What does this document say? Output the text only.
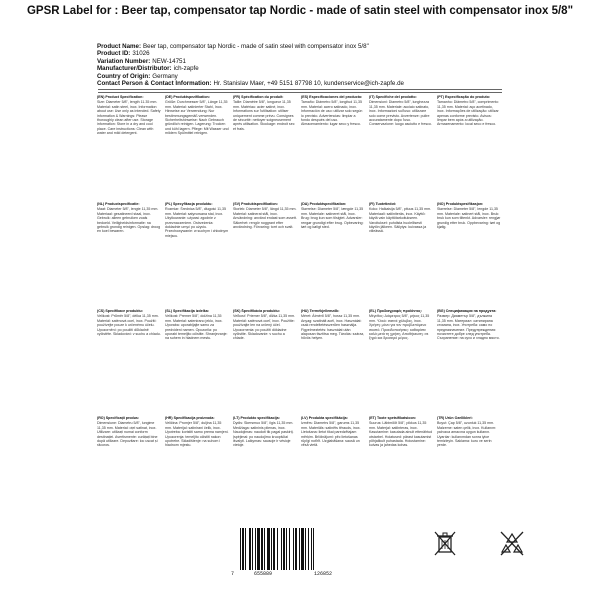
GPSR Label for : Beer tap, compensator tap Nordic - made of satin steel with compensator inox 5/8"
Product Name: Beer tap, compensator tap Nordic - made of satin steel with compensator inox 5/8"
Product ID: 31026
Variation Number: NEW-14751
Manufacturer/Distributor: ich-zapfe
Country of Origin: Germany
Contact Person & Contact Information: Hr. Stanislav Maer, +49 5151 87798 10, kundenservice@ich-zapfe.de
(EN) Product Specification:
Size: Diameter 5/8", length 11.35 mm. Material: satin steel, inox. Information about use: Use only as intended. Safety information & Warnings: Please thoroughly clean after use. Storage information: Store in a dry and cool place. Care instructions: Clean with water and mild detergent.
(DE) Produktspezifikation:
Größe: Durchmesser 5/8", Länge 11,35 mm. Material: satinierter Stahl, Inox. Hinweise zur Verwendung: Nur bestimmungsgemäß verwenden. Sicherheitshinweise: Nach Gebrauch gründlich reinigen. Lagerung: Trocken und kühl lagern. Pflege: Mit Wasser und mildem Spülmittel reinigen.
(FR) Spécification du produit:
Taille: Diamètre 5/8", longueur 11,35 mm. Matériau: acier satiné, inox. Informations sur l'utilisation: utiliser uniquement comme prévu. Consignes de sécurité: nettoyer soigneusement après utilisation. Stockage: endroit sec et frais.
(ES) Especificaciones del producto:
Tamaño: Diámetro 5/8", longitud 11,35 mm. Material: acero satinado, inox. Información de uso: utilizar solo según lo previsto. Advertencias: limpiar a fondo después del uso. Almacenamiento: lugar seco y fresco.
(IT) Specifiche del prodotto:
Dimensioni: Diametro 5/8", lunghezza 11,35 mm. Materiale: acciaio satinato, inox. Informazioni sull'uso: utilizzare solo come previsto. Avvertenze: pulire accuratamente dopo l'uso. Conservazione: luogo asciutto e fresco.
(PT) Especificação do produto:
Tamanho: Diâmetro 5/8", comprimento 11,35 mm. Material: aço acetinado, inox. Informações de utilização: utilizar apenas conforme previsto. Avisos: limpar bem após a utilização. Armazenamento: local seco e fresco.
(NL) Productspecificatie:
Maat: Diameter 5/8", lengte 11,35 mm. Materiaal: gesatineerd staal, inox. Gebruik: alleen gebruiken zoals bedoeld. Veiligheidsinformatie: na gebruik grondig reinigen. Opslag: droog en koel bewaren.
(PL) Specyfikacja produktu:
Rozmiar: Średnica 5/8", długość 11,35 mm. Materiał: satynowana stal, inox. Użytkowanie: używać zgodnie z przeznaczeniem. Ostrzeżenia: dokładnie umyć po użyciu. Przechowywanie: w suchym i chłodnym miejscu.
(SV) Produktspecifikation:
Storlek: Diameter 5/8", längd 11,35 mm. Material: satinerat stål, inox. Användning: använd endast som avsett. Säkerhet: rengör noggrant efter användning. Förvaring: torrt och svalt.
(DA) Produktspecifikation:
Størrelse: Diameter 5/8", længde 11,35 mm. Materiale: satineret stål, inox. Brug: brug kun som tilsigtet. Advarsler: rengør grundigt efter brug. Opbevaring: tørt og køligt sted.
(FI) Tuotetiedot:
Koko: Halkaisija 5/8", pituus 11,35 mm. Materiaali: satiiniteräs, inox. Käyttö: käytä vain käyttötarkoitukseen. Varoitukset: puhdista huolellisesti käytön jälkeen. Säilytys: kuivassa ja viileässä.
(NO) Produktspesifikasjon:
Størrelse: Diameter 5/8", lengde 11,35 mm. Materiale: satinert stål, inox. Bruk: bruk kun som tiltenkt. Advarsler: rengjør grundig etter bruk. Oppbevaring: tørt og kjølig.
(CS) Specifikace produktu:
Velikost: Průměr 5/8", délka 11,35 mm. Materiál: saténová ocel, inox. Použití: používejte pouze k určenému účelu. Upozornění: po použití důkladně vyčistěte. Skladování: v suchu a chladu.
(SL) Specifikacija izdelka:
Velikost: Premer 5/8", dolžina 11,35 mm. Material: satenirano jeklo, inox. Uporaba: uporabljajte samo za predvideni namen. Opozorila: po uporabi temeljito očistite. Shranjevanje: na suhem in hladnem mestu.
(SK) Špecifikácia produktu:
Veľkosť: Priemer 5/8", dĺžka 11,35 mm. Materiál: saténová oceľ, inox. Použitie: používajte len na určený účel. Upozornenia: po použití dôkladne vyčistite. Skladovanie: v suchu a chlade.
(HU) Termékjellemzők:
Méret: Átmérő 5/8", hossz 11,35 mm. Anyag: szatinált acél, inox. Használat: csak rendeltetésszerűen használja. Figyelmeztetés: használat után alaposan tisztítsa meg. Tárolás: száraz, hűvös helyen.
(EL) Προδιαγραφές προϊόντος:
Μέγεθος: Διάμετρος 5/8", μήκος 11,35 mm. Υλικό: σατινέ χάλυβας, inox. Χρήση: μόνο για τον προβλεπόμενο σκοπό. Προειδοποιήσεις: καθαρίστε καλά μετά τη χρήση. Αποθήκευση: σε ξηρό και δροσερό μέρος.
(BG) Спецификация на продукта:
Размер: Диаметър 5/8", дължина 11,35 mm. Материал: сатинирана стомана, inox. Употреба: само по предназначение. Предупреждения: почистете добре след употреба. Съхранение: на сухо и хладно място.
(RO) Specificații produs:
Dimensiune: Diametru 5/8", lungime 11,35 mm. Material: oțel satinat, inox. Utilizare: utilizați numai conform destinației. Avertismente: curățați bine după utilizare. Depozitare: loc uscat și răcoros.
(HR) Specifikacija proizvoda:
Veličina: Promjer 5/8", duljina 11,35 mm. Materijal: satinirani čelik, inox. Upotreba: koristiti samo prema namjeni. Upozorenja: temeljito očistiti nakon upotrebe. Skladištenje: na suhom i hladnom mjestu.
(LT) Produkto specifikacija:
Dydis: Skersmuo 5/8", ilgis 11,35 mm. Medžiaga: satininis plienas, inox. Naudojimas: naudoti tik pagal paskirtį. Įspėjimai: po naudojimo kruopščiai išvalyti. Laikymas: sausoje ir vėsioje vietoje.
(LV) Produkta specifikācija:
Izmērs: Diametrs 5/8", garums 11,35 mm. Materiāls: satinēts tērauds, inox. Lietošana: lietot tikai paredzētajam mērķim. Brīdinājumi: pēc lietošanas rūpīgi notīrīt. Uzglabāšana: sausā un vēsā vietā.
(ET) Toote spetsifikatsioon:
Suurus: Läbimõõt 5/8", pikkus 11,35 mm. Materjal: satiinteras, inox. Kasutamine: kasutada ainult ettenähtud otstarbel. Hoiatused: pärast kasutamist põhjalikult puhastada. Hoiustamine: kuivas ja jahedas kohas.
(TR) Ürün Özellikleri:
Boyut: Çap 5/8", uzunluk 11,35 mm. Malzeme: saten çelik, inox. Kullanım: yalnızca amacına uygun kullanın. Uyarılar: kullanımdan sonra iyice temizleyin. Saklama: kuru ve serin yerde.
7	655889	126852
